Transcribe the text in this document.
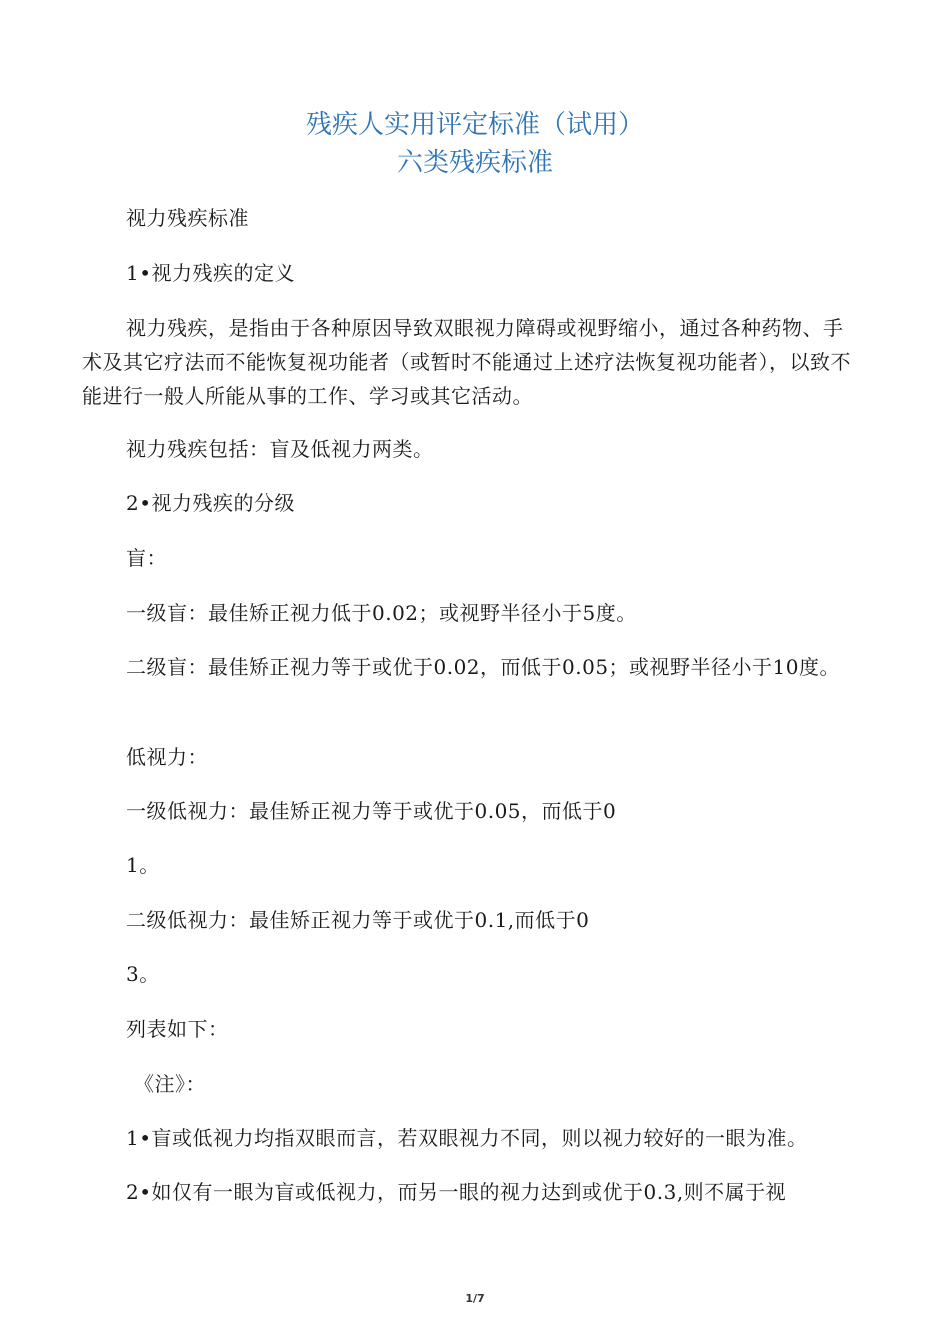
残疾人实用评定标准（试用）
六类残疾标准
视力残疾标准
1•视力残疾的定义
视力残疾，是指由于各种原因导致双眼视力障碍或视野缩小，通过各种药物、手术及其它疗法而不能恢复视功能者（或暂时不能通过上述疗法恢复视功能者），以致不能进行一般人所能从事的工作、学习或其它活动。
视力残疾包括：盲及低视力两类。
2•视力残疾的分级
盲：
一级盲：最佳矫正视力低于0.02；或视野半径小于5度。
二级盲：最佳矫正视力等于或优于0.02，而低于0.05；或视野半径小于10度。
低视力：
一级低视力：最佳矫正视力等于或优于0.05，而低于0
1。
二级低视力：最佳矫正视力等于或优于0.1,而低于0
3。
列表如下：
《注》：
1•盲或低视力均指双眼而言，若双眼视力不同，则以视力较好的一眼为准。
2•如仅有一眼为盲或低视力，而另一眼的视力达到或优于0.3,则不属于视
1/7
